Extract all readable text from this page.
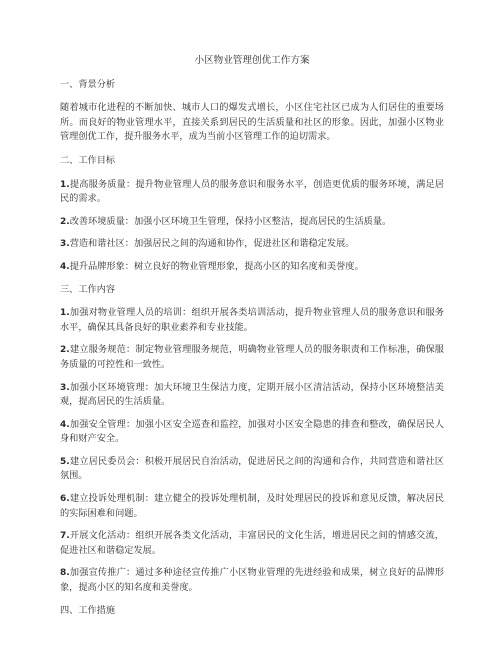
小区物业管理创优工作方案
一、背景分析
随着城市化进程的不断加快、城市人口的爆发式增长，小区住宅社区已成为人们居住的重要场所。而良好的物业管理水平，直接关系到居民的生活质量和社区的形象。因此，加强小区物业管理创优工作，提升服务水平，成为当前小区管理工作的迫切需求。
二、工作目标
1.提高服务质量：提升物业管理人员的服务意识和服务水平，创造更优质的服务环境，满足居民的需求。
2.改善环境质量：加强小区环境卫生管理，保持小区整洁，提高居民的生活质量。
3.营造和谐社区：加强居民之间的沟通和协作，促进社区和谐稳定发展。
4.提升品牌形象：树立良好的物业管理形象，提高小区的知名度和美誉度。
三、工作内容
1.加强对物业管理人员的培训：组织开展各类培训活动，提升物业管理人员的服务意识和服务水平，确保其具备良好的职业素养和专业技能。
2.建立服务规范：制定物业管理服务规范，明确物业管理人员的服务职责和工作标准，确保服务质量的可控性和一致性。
3.加强小区环境管理：加大环境卫生保洁力度，定期开展小区清洁活动，保持小区环境整洁美观，提高居民的生活质量。
4.加强安全管理：加强小区安全巡查和监控，加强对小区安全隐患的排查和整改，确保居民人身和财产安全。
5.建立居民委员会：积极开展居民自治活动，促进居民之间的沟通和合作，共同营造和谐社区氛围。
6.建立投诉处理机制：建立健全的投诉处理机制，及时处理居民的投诉和意见反馈，解决居民的实际困难和问题。
7.开展文化活动：组织开展各类文化活动，丰富居民的文化生活，增进居民之间的情感交流，促进社区和谐稳定发展。
8.加强宣传推广：通过多种途径宣传推广小区物业管理的先进经验和成果，树立良好的品牌形象，提高小区的知名度和美誉度。
四、工作措施
